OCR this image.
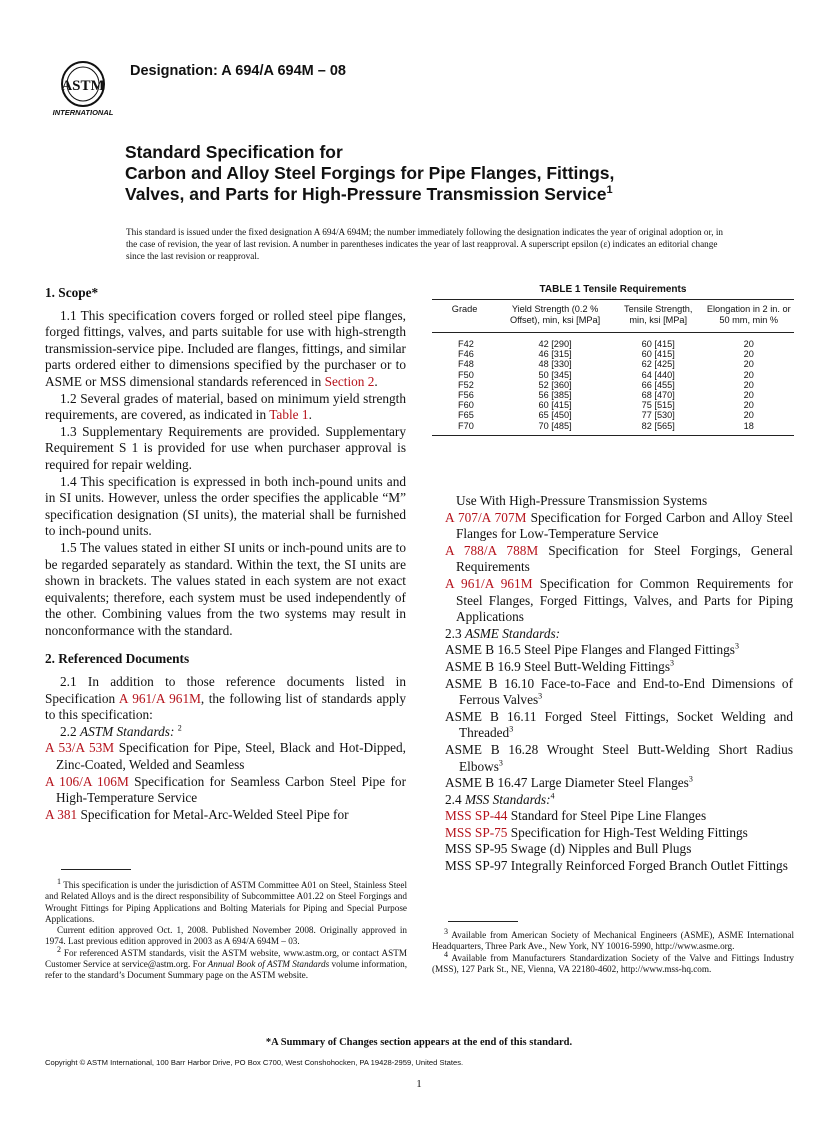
ASTM
INTERNATIONAL
Designation: A 694/A 694M – 08
Standard Specification for
Carbon and Alloy Steel Forgings for Pipe Flanges, Fittings,
Valves, and Parts for High-Pressure Transmission Service$^1$
This standard is issued under the fixed designation A 694/A 694M; the number immediately following the designation indicates the year of original adoption or, in the case of revision, the year of last revision. A number in parentheses indicates the year of last reapproval. A superscript epsilon (ε) indicates an editorial change since the last revision or reapproval.
TABLE 1 Tensile Requirements
Grade	Yield Strength (0.2 % Offset), min, ksi [MPa]	Tensile Strength, min, ksi [MPa]	Elongation in 2 in. or 50 mm, min %
F42	42 [290]	60 [415]	20
F46	46 [315]	60 [415]	20
F48	48 [330]	62 [425]	20
F50	50 [345]	64 [440]	20
F52	52 [360]	66 [455]	20
F56	56 [385]	68 [470]	20
F60	60 [415]	75 [515]	20
F65	65 [450]	77 [530]	20
F70	70 [485]	82 [565]	18
1. Scope*

1.1 This specification covers forged or rolled steel pipe flanges, forged fittings, valves, and parts suitable for use with high-strength transmission-service pipe. Included are flanges, fittings, and similar parts ordered either to dimensions specified by the purchaser or to ASME or MSS dimensional standards referenced in Section 2.

1.2 Several grades of material, based on minimum yield strength requirements, are covered, as indicated in Table 1.

1.3 Supplementary Requirements are provided. Supplementary Requirement S 1 is provided for use when purchaser approval is required for repair welding.

1.4 This specification is expressed in both inch-pound units and in SI units. However, unless the order specifies the applicable “M” specification designation (SI units), the material shall be furnished to inch-pound units.

1.5 The values stated in either SI units or inch-pound units are to be regarded separately as standard. Within the text, the SI units are shown in brackets. The values stated in each system are not exact equivalents; therefore, each system must be used independently of the other. Combining values from the two systems may result in nonconformance with the standard.

2. Referenced Documents

2.1 In addition to those reference documents listed in Specification A 961/A 961M, the following list of standards apply to this specification:

2.2 ASTM Standards: $^2$

A 53/A 53M Specification for Pipe, Steel, Black and Hot-Dipped, Zinc-Coated, Welded and Seamless

A 106/A 106M Specification for Seamless Carbon Steel Pipe for High-Temperature Service

A 381 Specification for Metal-Arc-Welded Steel Pipe for

Use With High-Pressure Transmission Systems

A 707/A 707M Specification for Forged Carbon and Alloy Steel Flanges for Low-Temperature Service

A 788/A 788M Specification for Steel Forgings, General Requirements

A 961/A 961M Specification for Common Requirements for Steel Flanges, Forged Fittings, Valves, and Parts for Piping Applications

2.3 ASME Standards:

ASME B 16.5 Steel Pipe Flanges and Flanged Fittings$^3$

ASME B 16.9 Steel Butt-Welding Fittings$^3$

ASME B 16.10 Face-to-Face and End-to-End Dimensions of Ferrous Valves$^3$

ASME B 16.11 Forged Steel Fittings, Socket Welding and Threaded$^3$

ASME B 16.28 Wrought Steel Butt-Welding Short Radius Elbows$^3$

ASME B 16.47 Large Diameter Steel Flanges$^3$

2.4 MSS Standards:$^4$

MSS SP-44 Standard for Steel Pipe Line Flanges

MSS SP-75 Specification for High-Test Welding Fittings

MSS SP-95 Swage (d) Nipples and Bull Plugs

MSS SP-97 Integrally Reinforced Forged Branch Outlet Fittings

$^1$ This specification is under the jurisdiction of ASTM Committee A01 on Steel, Stainless Steel and Related Alloys and is the direct responsibility of Subcommittee A01.22 on Steel Forgings and Wrought Fittings for Piping Applications and Bolting Materials for Piping and Special Purpose Applications.

Current edition approved Oct. 1, 2008. Published November 2008. Originally approved in 1974. Last previous edition approved in 2003 as A 694/A 694M – 03.

$^2$ For referenced ASTM standards, visit the ASTM website, www.astm.org, or contact ASTM Customer Service at service@astm.org. For Annual Book of ASTM Standards volume information, refer to the standard’s Document Summary page on the ASTM website.

$^3$ Available from American Society of Mechanical Engineers (ASME), ASME International Headquarters, Three Park Ave., New York, NY 10016-5990, http://www.asme.org.

$^4$ Available from Manufacturers Standardization Society of the Valve and Fittings Industry (MSS), 127 Park St., NE, Vienna, VA 22180-4602, http://www.mss-hq.com.

*A Summary of Changes section appears at the end of this standard.
Copyright © ASTM International, 100 Barr Harbor Drive, PO Box C700, West Conshohocken, PA 19428-2959, United States.
1
